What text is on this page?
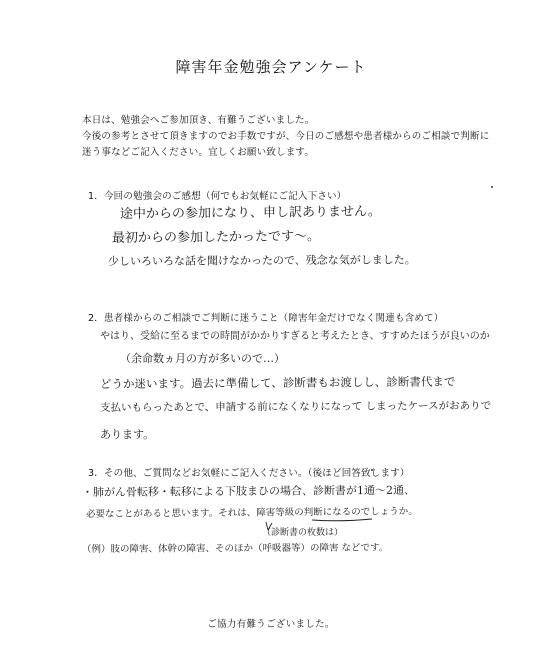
障害年金勉強会アンケート
本日は、勉強会へご参加頂き、有難うございました。
今後の参考とさせて頂きますのでお手数ですが、今日のご感想や患者様からのご相談で判断に
迷う事などご記入ください。宜しくお願い致します。
1．今回の勉強会のご感想（何でもお気軽にご記入下さい）
途中からの参加になり、申し訳ありません。
最初からの参加したかったです〜。
少しいろいろな話を聞けなかったので、残念な気がしました。
2．患者様からのご相談でご判断に迷うこと（障害年金だけでなく関連も含めて）
やはり、受給に至るまでの時間がかかりすぎると考えたとき、すすめたほうが良いのか
（余命数ヵ月の方が多いので…）
どうか迷います。過去に準備して、診断書もお渡しし、診断書代まで
支払いもらったあとで、申請する前になくなりになって しまったケースがおありで
あります。
3．その他、ご質問などお気軽にご記入ください。（後ほど回答致します）
・肺がん骨転移・転移による下肢まひの場合、診断書が1通〜2通、
必要なことがあると思います。それは、障害等級の判断になるのでしょうか。
（診断書の枚数は）
（例）肢の障害、体幹の障害、そのほか（呼吸器等）の障害 などです。
ご協力有難うございました。
